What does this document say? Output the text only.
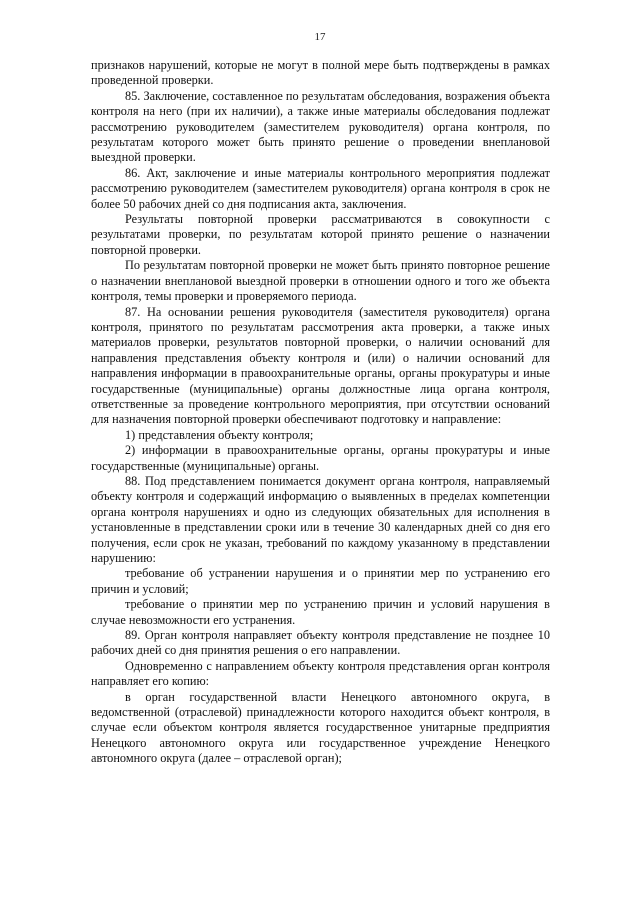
17

признаков нарушений, которые не могут в полной мере быть подтверждены в рамках проведенной проверки.

85. Заключение, составленное по результатам обследования, возражения объекта контроля на него (при их наличии), а также иные материалы обследования подлежат рассмотрению руководителем (заместителем руководителя) органа контроля, по результатам которого может быть принято решение о проведении внеплановой выездной проверки.

86. Акт, заключение и иные материалы контрольного мероприятия подлежат рассмотрению руководителем (заместителем руководителя) органа контроля в срок не более 50 рабочих дней со дня подписания акта, заключения.

Результаты повторной проверки рассматриваются в совокупности с результатами проверки, по результатам которой принято решение о назначении повторной проверки.

По результатам повторной проверки не может быть принято повторное решение о назначении внеплановой выездной проверки в отношении одного и того же объекта контроля, темы проверки и проверяемого периода.

87. На основании решения руководителя (заместителя руководителя) органа контроля, принятого по результатам рассмотрения акта проверки, а также иных материалов проверки, результатов повторной проверки, о наличии оснований для направления представления объекту контроля и (или) о наличии оснований для направления информации в правоохранительные органы, органы прокуратуры и иные государственные (муниципальные) органы должностные лица органа контроля, ответственные за проведение контрольного мероприятия, при отсутствии оснований для назначения повторной проверки обеспечивают подготовку и направление:

1) представления объекту контроля;

2) информации в правоохранительные органы, органы прокуратуры и иные государственные (муниципальные) органы.

88. Под представлением понимается документ органа контроля, направляемый объекту контроля и содержащий информацию о выявленных в пределах компетенции органа контроля нарушениях и одно из следующих обязательных для исполнения в установленные в представлении сроки или в течение 30 календарных дней со дня его получения, если срок не указан, требований по каждому указанному в представлении нарушению:

требование об устранении нарушения и о принятии мер по устранению его причин и условий;

требование о принятии мер по устранению причин и условий нарушения в случае невозможности его устранения.

89. Орган контроля направляет объекту контроля представление не позднее 10 рабочих дней со дня принятия решения о его направлении.

Одновременно с направлением объекту контроля представления орган контроля направляет его копию:

в орган государственной власти Ненецкого автономного округа, в ведомственной (отраслевой) принадлежности которого находится объект контроля, в случае если объектом контроля является государственное унитарные предприятия Ненецкого автономного округа или государственное учреждение Ненецкого автономного округа (далее – отраслевой орган);
